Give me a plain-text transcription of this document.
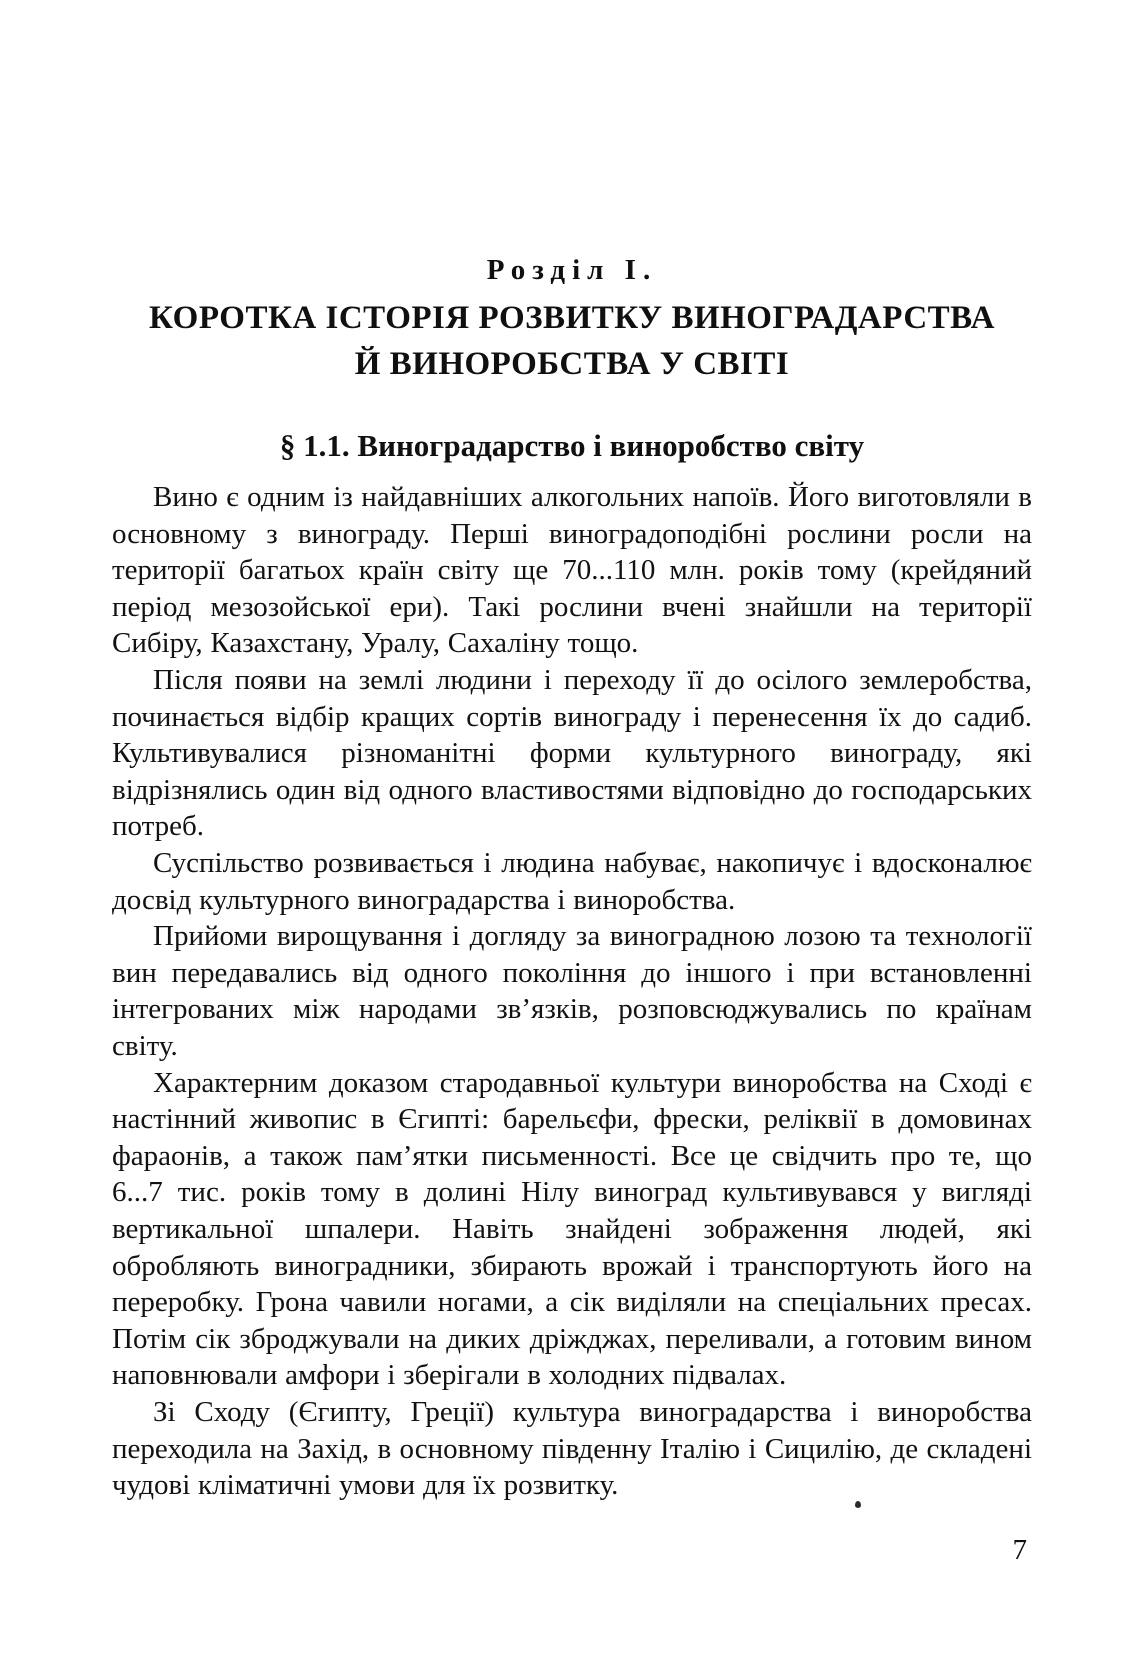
Розділ І.
КОРОТКА ІСТОРІЯ РОЗВИТКУ ВИНОГРАДАРСТВА
Й ВИНОРОБСТВА У СВІТІ
§ 1.1. Виноградарство і виноробство світу

Вино є одним із найдавніших алкогольних напоїв. Його виготовляли в основному з винограду. Перші виноградоподібні рослини росли на території багатьох країн світу ще 70...110 млн. років тому (крейдяний період мезозойської ери). Такі рослини вчені знайшли на території Сибіру, Казахстану, Уралу, Сахаліну тощо.

Після появи на землі людини і переходу її до осілого землеробства, починається відбір кращих сортів винограду і перенесення їх до садиб. Культивувалися різноманітні форми культурного винограду, які відрізнялись один від одного властивостями відповідно до господарських потреб.

Суспільство розвивається і людина набуває, накопичує і вдосконалює досвід культурного виноградарства і виноробства.

Прийоми вирощування і догляду за виноградною лозою та технології вин передавались від одного покоління до іншого і при встановленні інтегрованих між народами зв’язків, розповсюджувались по країнам світу.

Характерним доказом стародавньої культури виноробства на Сході є настінний живопис в Єгипті: барельєфи, фрески, реліквії в домовинах фараонів, а також пам’ятки письменності. Все це свідчить про те, що 6...7 тис. років тому в долині Нілу виноград культивувався у вигляді вертикальної шпалери. Навіть знайдені зображення людей, які обробляють виноградники, збирають врожай і транспортують його на переробку. Грона чавили ногами, а сік виділяли на спеціальних пресах. Потім сік зброджували на диких дріжджах, переливали, а готовим вином наповнювали амфори і зберігали в холодних підвалах.

Зі Сходу (Єгипту, Греції) культура виноградарства і виноробства переходила на Захід, в основному південну Італію і Сицилію, де складені чудові кліматичні умови для їх розвитку.

7
